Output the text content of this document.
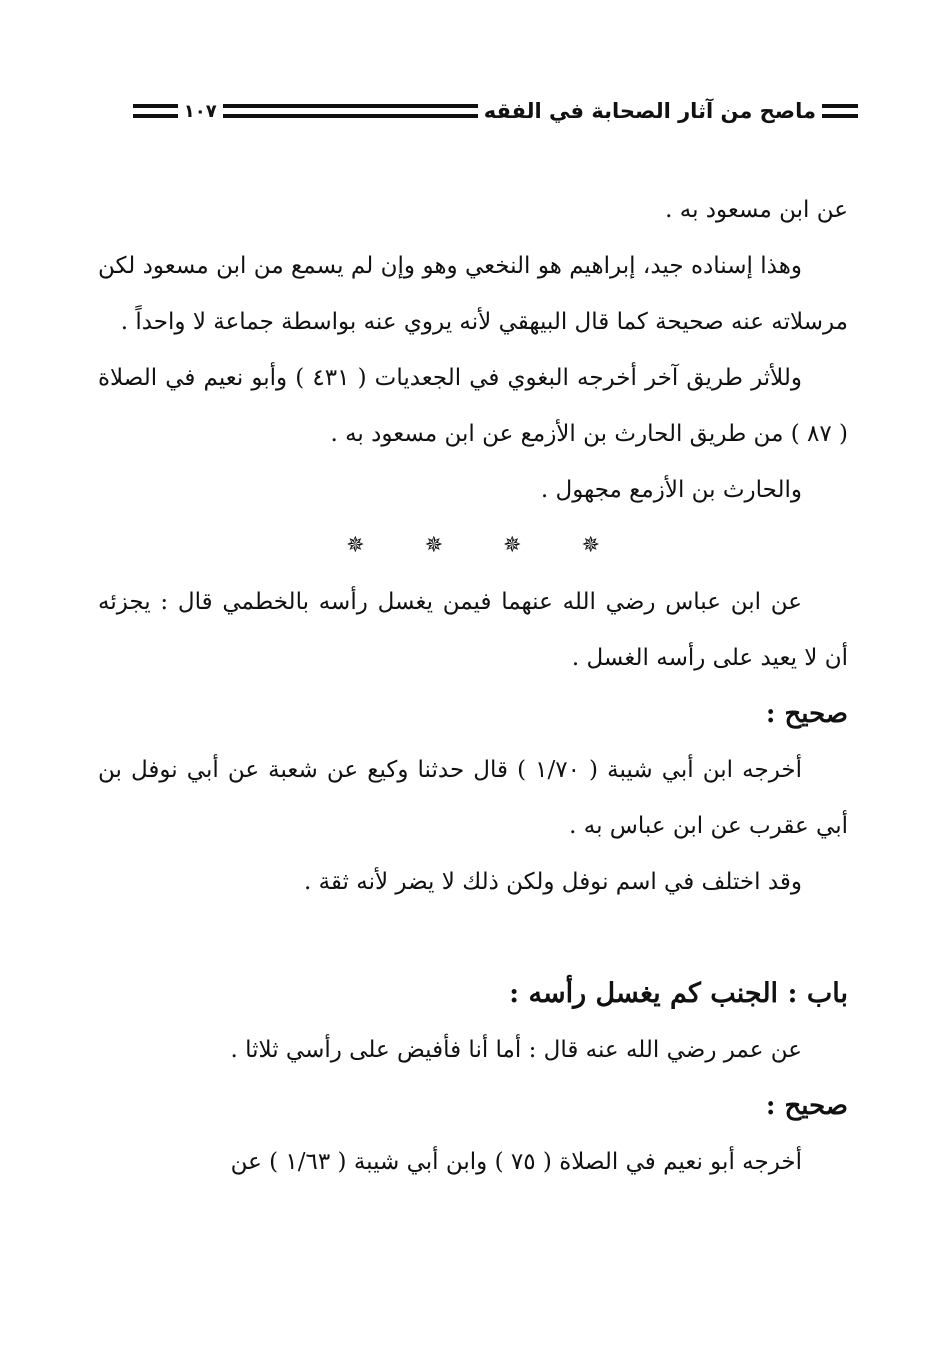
ماصح من آثار الصحابة في الفقه
١٠٧

عن ابن مسعود به .

وهذا إسناده جيد، إبراهيم هو النخعي وهو وإن لم يسمع من ابن مسعود لكن مرسلاته عنه صحيحة كما قال البيهقي لأنه يروي عنه بواسطة جماعة لا واحداً .

وللأثر طريق آخر أخرجه البغوي في الجعديات ( ٤٣١ ) وأبو نعيم في الصلاة ( ٨٧ ) من طريق الحارث بن الأزمع عن ابن مسعود به .

والحارث بن الأزمع مجهول .

✵✵✵✵

عن ابن عباس رضي الله عنهما فيمن يغسل رأسه بالخطمي قال : يجزئه أن لا يعيد على رأسه الغسل .

صحيح :

أخرجه ابن أبي شيبة ( ١/٧٠ ) قال حدثنا وكيع عن شعبة عن أبي نوفل بن أبي عقرب عن ابن عباس به .

وقد اختلف في اسم نوفل ولكن ذلك لا يضر لأنه ثقة .

باب : الجنب كم يغسل رأسه :

عن عمر رضي الله عنه قال : أما أنا فأفيض على رأسي ثلاثا .

صحيح :

أخرجه أبو نعيم في الصلاة ( ٧٥ ) وابن أبي شيبة ( ١/٦٣ ) عن
